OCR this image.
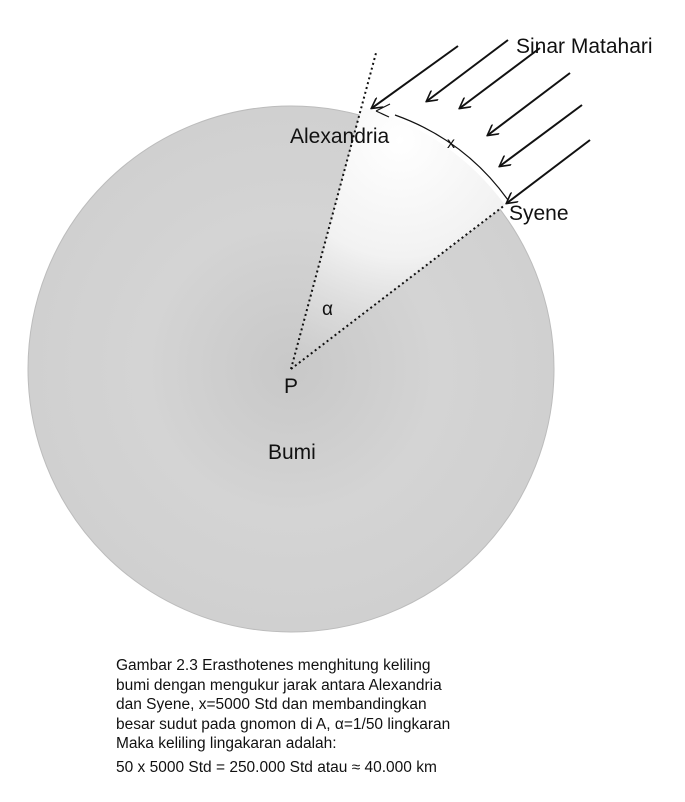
Sinar Matahari
Alexandria
Syene
x
α
P
Bumi
Gambar 2.3 Erasthotenes menghitung keliling
bumi dengan mengukur jarak antara Alexandria
dan Syene, x=5000 Std dan membandingkan
besar sudut pada gnomon di A, α=1/50 lingkaran
Maka keliling lingakaran adalah:
50 x 5000 Std = 250.000 Std atau ≈ 40.000 km
